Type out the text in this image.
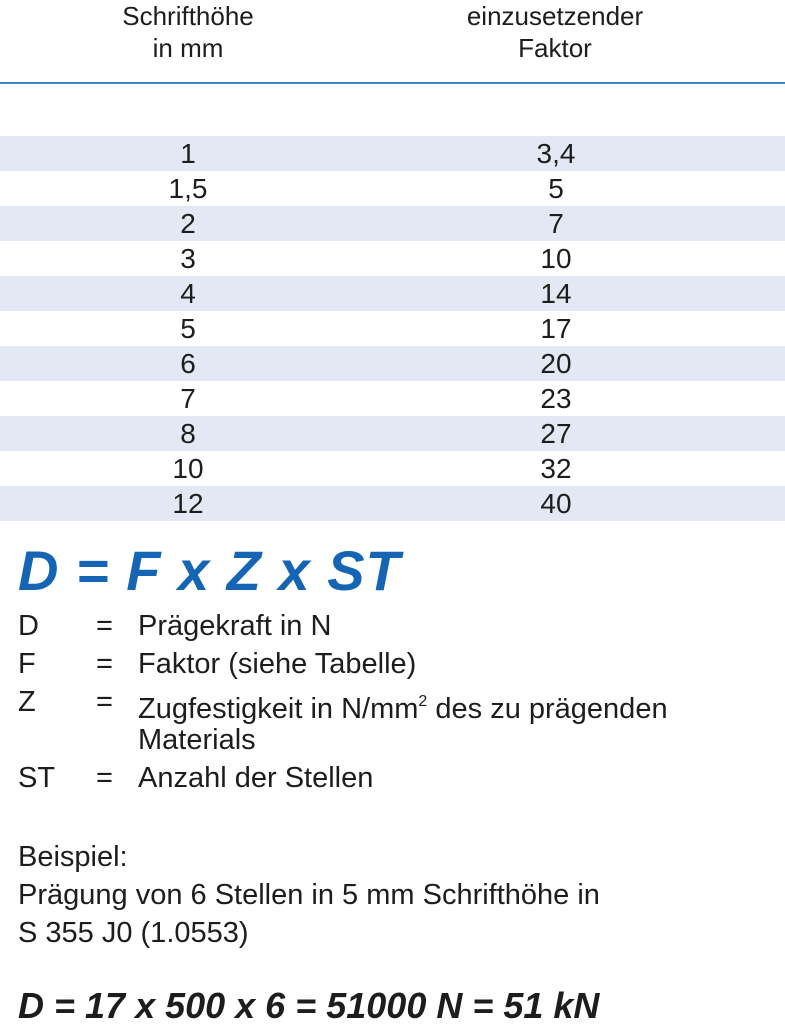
Schrifthöhe
in mm
einzusetzender
Faktor
1	3,4
1,5	5
2	7
3	10
4	14
5	17
6	20
7	23
8	27
10	32
12	40
D = F x Z x ST
D = Prägekraft in N
F = Faktor (siehe Tabelle)
Z = Zugfestigkeit in $N/mm^2$ des zu prägenden
Materials
ST = Anzahl der Stellen
Beispiel:
Prägung von 6 Stellen in 5 mm Schrifthöhe in
S 355 J0 (1.0553)
D = 17 x 500 x 6 = 51000 N = 51 kN
